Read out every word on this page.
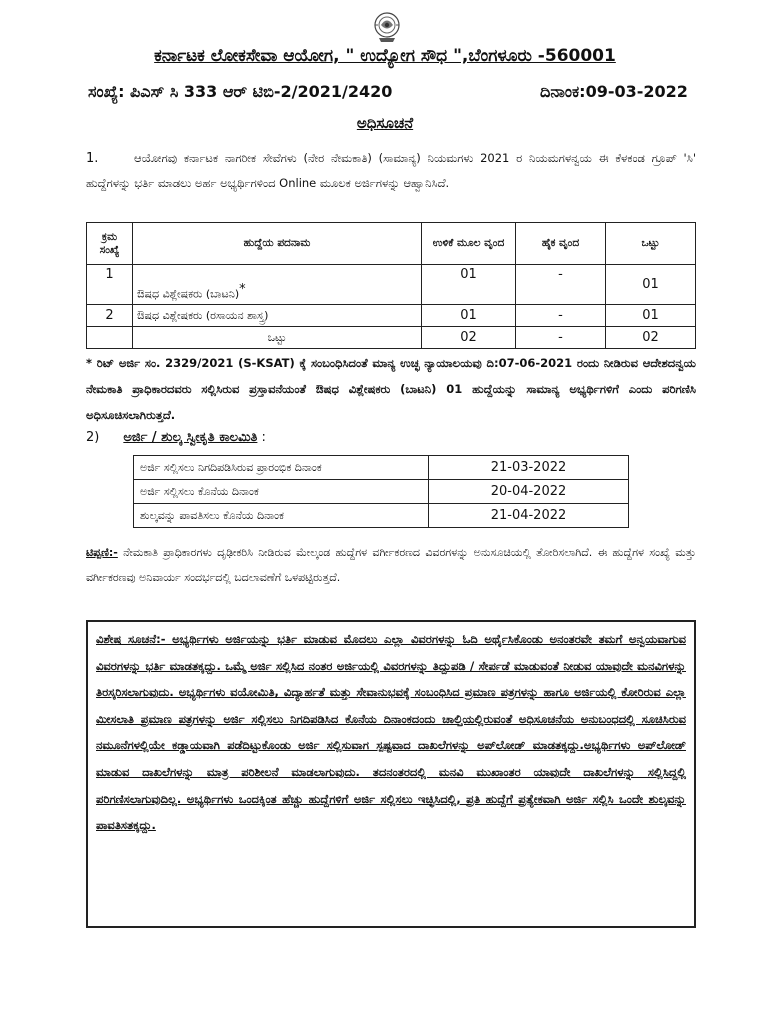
ಕರ್ನಾಟಕ ಲೋಕಸೇವಾ ಆಯೋಗ, " ಉದ್ಯೋಗ ಸೌಧ ",ಬೆಂಗಳೂರು -560001
ಸಂಖ್ಯೆ: ಪಿಎಸ್ ಸಿ 333 ಆರ್ ಟಿಬಿ-2/2021/2420	ದಿನಾಂಕ:09-03-2022
ಅಧಿಸೂಚನೆ
1.	ಆಯೋಗವು ಕರ್ನಾಟಕ ನಾಗರೀಕ ಸೇವೆಗಳು (ನೇರ ನೇಮಕಾತಿ) (ಸಾಮಾನ್ಯ) ನಿಯಮಗಳು 2021 ರ ನಿಯಮಗಳನ್ವಯ ಈ ಕೆಳಕಂಡ ಗ್ರೂಪ್ 'ಸಿ' ಹುದ್ದೆಗಳನ್ನು ಭರ್ತಿ ಮಾಡಲು ಅರ್ಹ ಅಭ್ಯರ್ಥಿಗಳಿಂದ Online ಮೂಲಕ ಅರ್ಜಿಗಳನ್ನು ಆಹ್ವಾನಿಸಿದೆ.
ಕ್ರಮ ಸಂಖ್ಯೆ	ಹುದ್ದೆಯ ಪದನಾಮ	ಉಳಿಕೆ ಮೂಲ ವೃಂದ	ಹೈಕ ವೃಂದ	ಒಟ್ಟು
1	ಔಷಧ ವಿಶ್ಲೇಷಕರು (ಬಾಟನಿ)*	01	-	01
2	ಔಷಧ ವಿಶ್ಲೇಷಕರು (ರಸಾಯನ ಶಾಸ್ತ್ರ)	01	-	01
	ಒಟ್ಟು	02	-	02
* ರಿಟ್ ಅರ್ಜಿ ಸಂ. 2329/2021 (S-KSAT) ಕ್ಕೆ ಸಂಬಂಧಿಸಿದಂತೆ ಮಾನ್ಯ ಉಚ್ಛ ನ್ಯಾಯಾಲಯವು ದಿ:07-06-2021 ರಂದು ನೀಡಿರುವ ಆದೇಶದನ್ವಯ ನೇಮಕಾತಿ ಪ್ರಾಧಿಕಾರದವರು ಸಲ್ಲಿಸಿರುವ ಪ್ರಸ್ತಾವನೆಯಂತೆ ಔಷಧ ವಿಶ್ಲೇಷಕರು (ಬಾಟನಿ) 01 ಹುದ್ದೆಯನ್ನು ಸಾಮಾನ್ಯ ಅಭ್ಯರ್ಥಿಗಳಿಗೆ ಎಂದು ಪರಿಗಣಿಸಿ ಅಧಿಸೂಚಿಸಲಾಗಿರುತ್ತದೆ.
2) ಅರ್ಜಿ / ಶುಲ್ಕ ಸ್ವೀಕೃತಿ ಕಾಲಮಿತಿ :
ಅರ್ಜಿ ಸಲ್ಲಿಸಲು ನಿಗದಿಪಡಿಸಿರುವ ಪ್ರಾರಂಭಿಕ ದಿನಾಂಕ	21-03-2022
ಅರ್ಜಿ ಸಲ್ಲಿಸಲು ಕೊನೆಯ ದಿನಾಂಕ	20-04-2022
ಶುಲ್ಕವನ್ನು ಪಾವತಿಸಲು ಕೊನೆಯ ದಿನಾಂಕ	21-04-2022
ಟಿಪ್ಪಣಿ:- ನೇಮಕಾತಿ ಪ್ರಾಧಿಕಾರಗಳು ದೃಢೀಕರಿಸಿ ನೀಡಿರುವ ಮೇಲ್ಕಂಡ ಹುದ್ದೆಗಳ ವರ್ಗೀಕರಣದ ವಿವರಗಳನ್ನು ಅನುಸೂಚಿಯಲ್ಲಿ ತೋರಿಸಲಾಗಿದೆ. ಈ ಹುದ್ದೆಗಳ ಸಂಖ್ಯೆ ಮತ್ತು ವರ್ಗೀಕರಣವು ಅನಿವಾರ್ಯ ಸಂದರ್ಭದಲ್ಲಿ ಬದಲಾವಣೆಗೆ ಒಳಪಟ್ಟಿರುತ್ತದೆ.

ವಿಶೇಷ ಸೂಚನೆ:- ಅಭ್ಯರ್ಥಿಗಳು ಅರ್ಜಿಯನ್ನು ಭರ್ತಿ ಮಾಡುವ ಮೊದಲು ಎಲ್ಲಾ ವಿವರಗಳನ್ನು ಓದಿ ಅರ್ಥೈಸಿಕೊಂಡು ಅನಂತರವೇ ತಮಗೆ ಅನ್ವಯವಾಗುವ ವಿವರಗಳನ್ನು ಭರ್ತಿ ಮಾಡತಕ್ಕದ್ದು. ಒಮ್ಮೆ ಅರ್ಜಿ ಸಲ್ಲಿಸಿದ ನಂತರ ಅರ್ಜಿಯಲ್ಲಿ ವಿವರಗಳನ್ನು ತಿದ್ದುಪಡಿ / ಸೇರ್ಪಡೆ ಮಾಡುವಂತೆ ನೀಡುವ ಯಾವುದೇ ಮನವಿಗಳನ್ನು ತಿರಸ್ಕರಿಸಲಾಗುವುದು. ಅಭ್ಯರ್ಥಿಗಳು ವಯೋಮಿತಿ, ವಿದ್ಯಾರ್ಹತೆ ಮತ್ತು ಸೇವಾನುಭವಕ್ಕೆ ಸಂಬಂಧಿಸಿದ ಪ್ರಮಾಣ ಪತ್ರಗಳನ್ನು ಹಾಗೂ ಅರ್ಜಿಯಲ್ಲಿ ಕೋರಿರುವ ಎಲ್ಲಾ ಮೀಸಲಾತಿ ಪ್ರಮಾಣ ಪತ್ರಗಳನ್ನು ಅರ್ಜಿ ಸಲ್ಲಿಸಲು ನಿಗದಿಪಡಿಸಿದ ಕೊನೆಯ ದಿನಾಂಕದಂದು ಚಾಲ್ತಿಯಲ್ಲಿರುವಂತೆ ಅಧಿಸೂಚನೆಯ ಅನುಬಂಧದಲ್ಲಿ ಸೂಚಿಸಿರುವ ನಮೂನೆಗಳಲ್ಲಿಯೇ ಕಡ್ಡಾಯವಾಗಿ ಪಡೆದಿಟ್ಟುಕೊಂಡು ಅರ್ಜಿ ಸಲ್ಲಿಸುವಾಗ ಸ್ಪಷ್ಟವಾದ ದಾಖಲೆಗಳನ್ನು ಅಪ್‌ಲೋಡ್ ಮಾಡತಕ್ಕದ್ದು.ಅಭ್ಯರ್ಥಿಗಳು ಅಪ್‌ಲೋಡ್ ಮಾಡುವ ದಾಖಲೆಗಳನ್ನು ಮಾತ್ರ ಪರಿಶೀಲನೆ ಮಾಡಲಾಗುವುದು. ತದನಂತರದಲ್ಲಿ ಮನವಿ ಮುಖಾಂತರ ಯಾವುದೇ ದಾಖಲೆಗಳನ್ನು ಸಲ್ಲಿಸಿದ್ದಲ್ಲಿ ಪರಿಗಣಿಸಲಾಗುವುದಿಲ್ಲ. ಅಭ್ಯರ್ಥಿಗಳು ಒಂದಕ್ಕಿಂತ ಹೆಚ್ಚು ಹುದ್ದೆಗಳಿಗೆ ಅರ್ಜಿ ಸಲ್ಲಿಸಲು ಇಚ್ಛಿಸಿದಲ್ಲಿ, ಪ್ರತಿ ಹುದ್ದೆಗೆ ಪ್ರತ್ಯೇಕವಾಗಿ ಅರ್ಜಿ ಸಲ್ಲಿಸಿ ಒಂದೇ ಶುಲ್ಕವನ್ನು ಪಾವತಿಸತಕ್ಕದ್ದು.
